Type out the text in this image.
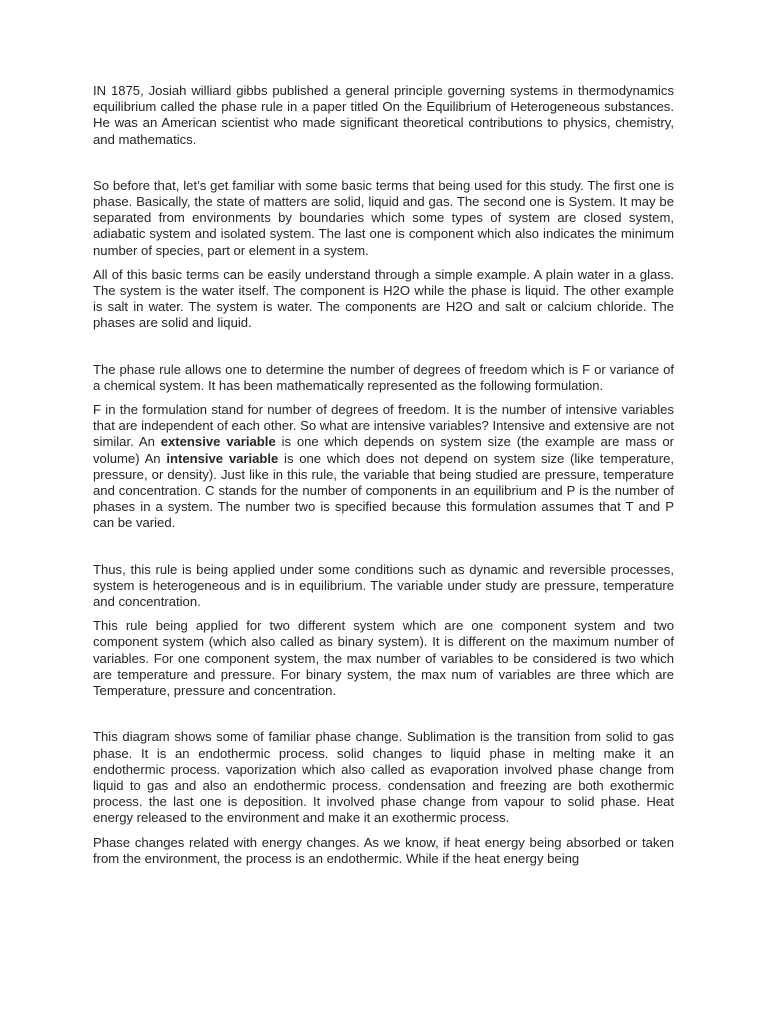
IN 1875, Josiah williard gibbs published a general principle governing systems in thermodynamics equilibrium called the phase rule in a paper titled On the Equilibrium of Heterogeneous substances. He was an American scientist who made significant theoretical contributions to physics, chemistry, and mathematics.

So before that, let’s get familiar with some basic terms that being used for this study. The first one is phase. Basically, the state of matters are solid, liquid and gas. The second one is System. It may be separated from environments by boundaries which some types of system are closed system, adiabatic system and isolated system. The last one is component which also indicates the minimum number of species, part or element in a system.

All of this basic terms can be easily understand through a simple example. A plain water in a glass. The system is the water itself. The component is H2O while the phase is liquid. The other example is salt in water. The system is water. The components are H2O and salt or calcium chloride. The phases are solid and liquid.

The phase rule allows one to determine the number of degrees of freedom which is F or variance of a chemical system. It has been mathematically represented as the following formulation.

F in the formulation stand for number of degrees of freedom. It is the number of intensive variables that are independent of each other. So what are intensive variables? Intensive and extensive are not similar. An extensive variable is one which depends on system size (the example are mass or volume) An intensive variable is one which does not depend on system size (like temperature, pressure, or density). Just like in this rule, the variable that being studied are pressure, temperature and concentration. C stands for the number of components in an equilibrium and P is the number of phases in a system. The number two is specified because this formulation assumes that T and P can be varied.

Thus, this rule is being applied under some conditions such as dynamic and reversible processes, system is heterogeneous and is in equilibrium. The variable under study are pressure, temperature and concentration.

This rule being applied for two different system which are one component system and two component system (which also called as binary system). It is different on the maximum number of variables. For one component system, the max number of variables to be considered is two which are temperature and pressure. For binary system, the max num of variables are three which are Temperature, pressure and concentration.

This diagram shows some of familiar phase change. Sublimation is the transition from solid to gas phase. It is an endothermic process. solid changes to liquid phase in melting make it an endothermic process. vaporization which also called as evaporation involved phase change from liquid to gas and also an endothermic process. condensation and freezing are both exothermic process. the last one is deposition. It involved phase change from vapour to solid phase. Heat energy released to the environment and make it an exothermic process.

Phase changes related with energy changes. As we know, if heat energy being absorbed or taken from the environment, the process is an endothermic. While if the heat energy being
